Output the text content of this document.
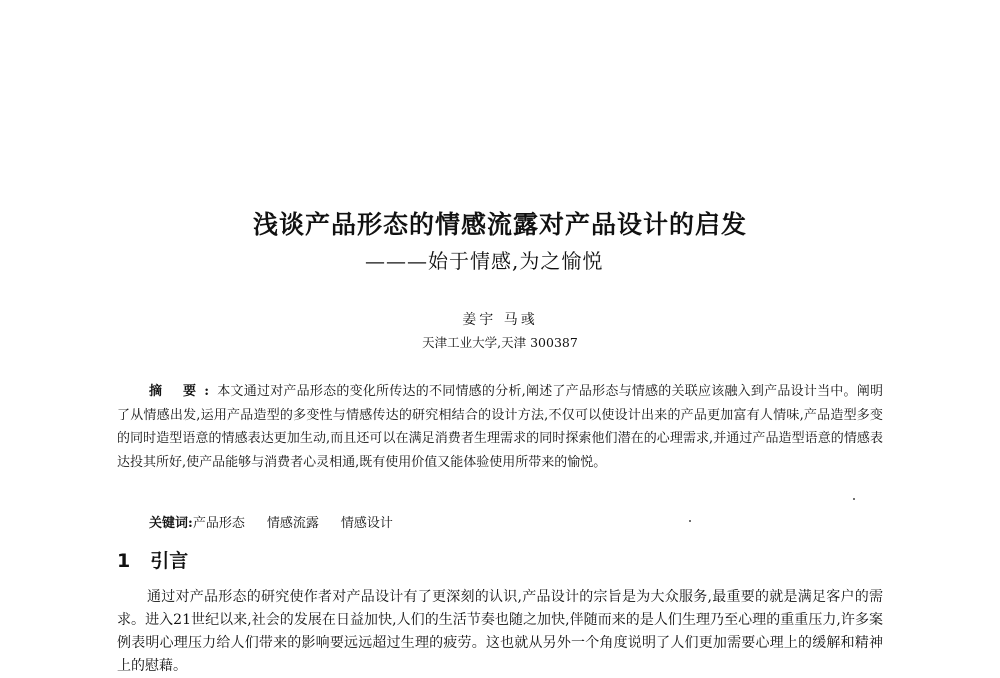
浅谈产品形态的情感流露对产品设计的启发
———始于情感,为之愉悦
姜宇 马彧
天津工业大学,天津 300387

摘 要:本文通过对产品形态的变化所传达的不同情感的分析,阐述了产品形态与情感的关联应该融入到产品设计当中。阐明了从情感出发,运用产品造型的多变性与情感传达的研究相结合的设计方法,不仅可以使设计出来的产品更加富有人情味,产品造型多变的同时造型语意的情感表达更加生动,而且还可以在满足消费者生理需求的同时探索他们潜在的心理需求,并通过产品造型语意的情感表达投其所好,使产品能够与消费者心灵相通,既有使用价值又能体验使用所带来的愉悦。

关键词:产品形态 情感流露 情感设计
1 引言

通过对产品形态的研究使作者对产品设计有了更深刻的认识,产品设计的宗旨是为大众服务,最重要的就是满足客户的需求。进入21世纪以来,社会的发展在日益加快,人们的生活节奏也随之加快,伴随而来的是人们生理乃至心理的重重压力,许多案例表明心理压力给人们带来的影响要远远超过生理的疲劳。这也就从另外一个角度说明了人们更加需要心理上的缓解和精神上的慰藉。
